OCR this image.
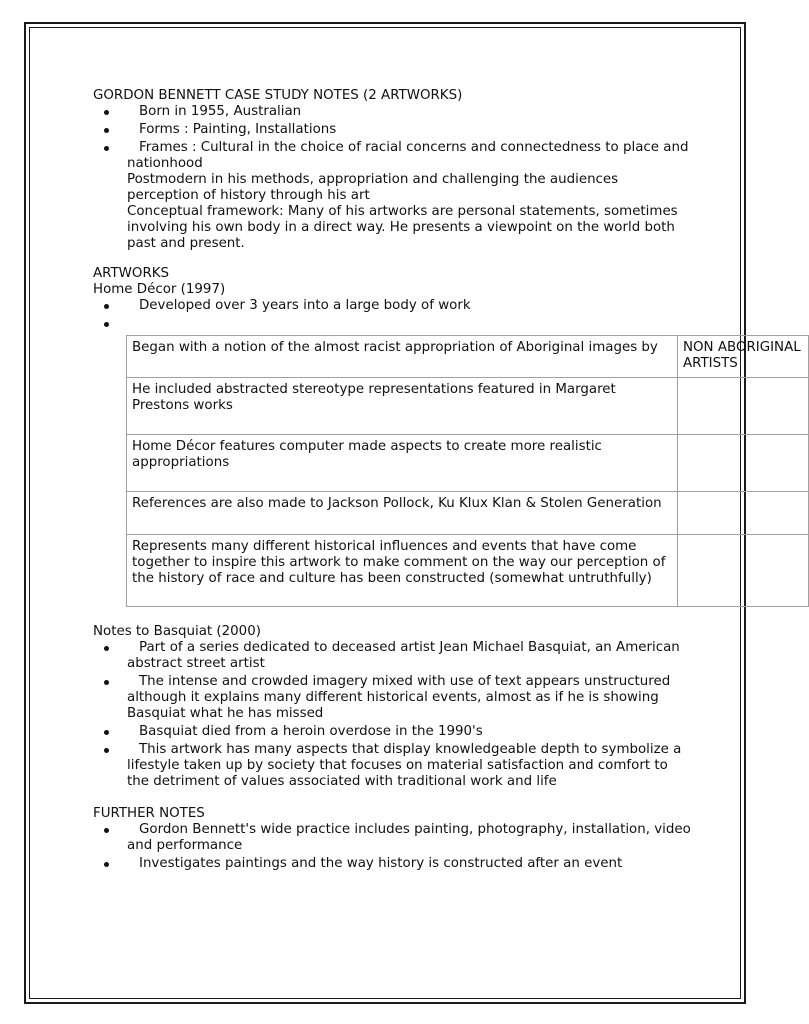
GORDON BENNETT CASE STUDY NOTES (2 ARTWORKS)

Born in 1955, Australian
Forms : Painting, Installations
Frames : Cultural in the choice of racial concerns and connectedness to place and nationhood

Postmodern in his methods, appropriation and challenging the audiences perception of history through his art

Conceptual framework: Many of his artworks are personal statements, sometimes involving his own body in a direct way. He presents a viewpoint on the world both past and present.

ARTWORKS

Home Décor (1997)

Developed over 3 years into a large body of work
Began with a notion of the almost racist appropriation of Aboriginal images by	NON ABORIGINAL ARTISTS
He included abstracted stereotype representations featured in Margaret Prestons works	
Home Décor features computer made aspects to create more realistic appropriations	
References are also made to Jackson Pollock, Ku Klux Klan & Stolen Generation	
Represents many different historical influences and events that have come together to inspire this artwork to make comment on the way our perception of the history of race and culture has been constructed (somewhat untruthfully)	

Notes to Basquiat (2000)

Part of a series dedicated to deceased artist Jean Michael Basquiat, an American abstract street artist
The intense and crowded imagery mixed with use of text appears unstructured although it explains many different historical events, almost as if he is showing Basquiat what he has missed
Basquiat died from a heroin overdose in the 1990's
This artwork has many aspects that display knowledgeable depth to symbolize a lifestyle taken up by society that focuses on material satisfaction and comfort to the detriment of values associated with traditional work and life

FURTHER NOTES

Gordon Bennett's wide practice includes painting, photography, installation, video and performance
Investigates paintings and the way history is constructed after an event
